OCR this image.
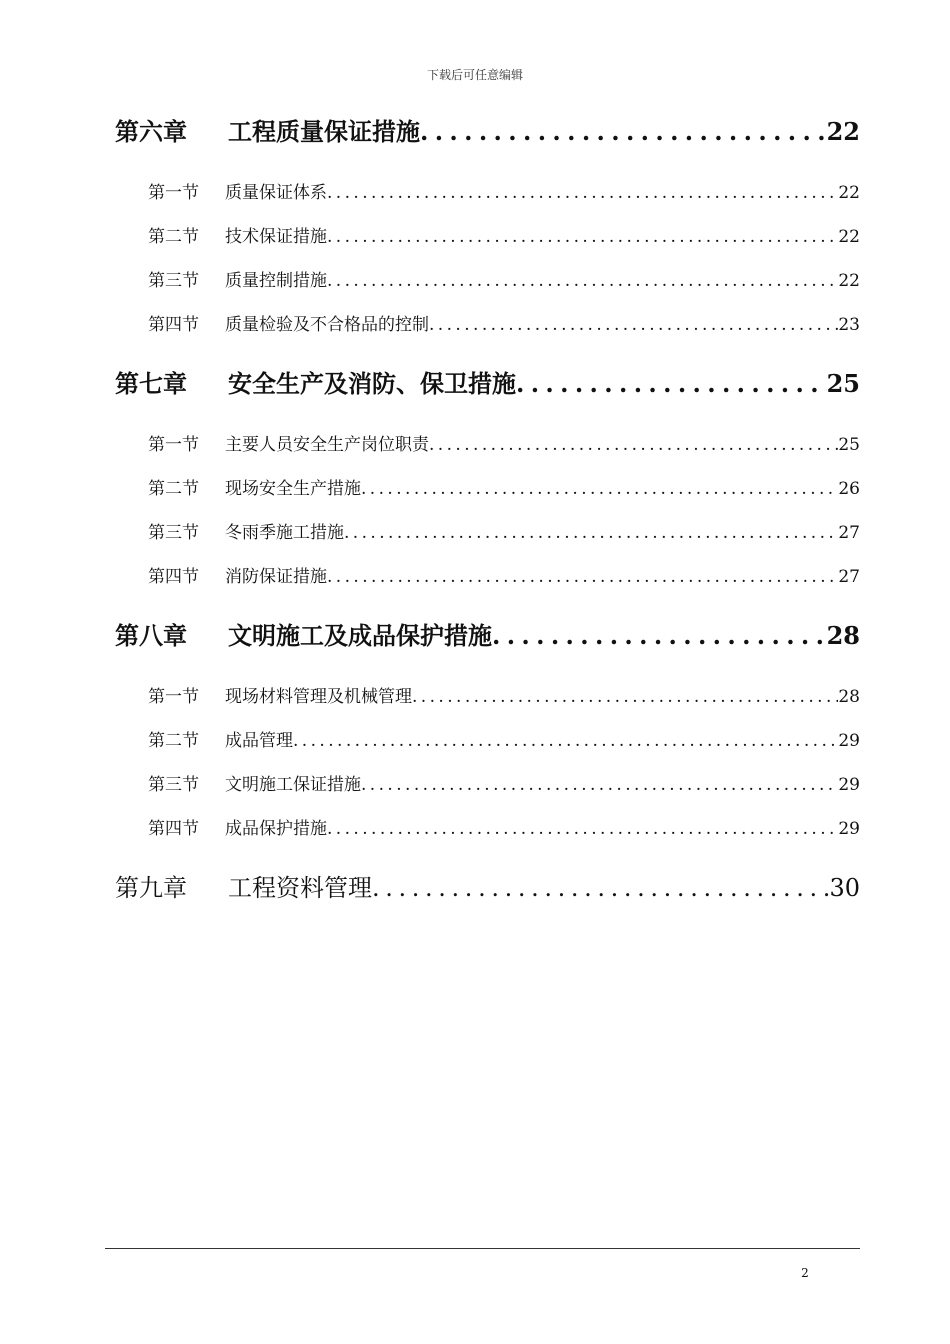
下载后可任意编辑
第六章	工程质量保证措施 . . .	22
第一节	质量保证体系 . . .	22
第二节	技术保证措施 . . .	22
第三节	质量控制措施 . . .	22
第四节	质量检验及不合格品的控制 . . .	23
第七章	安全生产及消防、保卫措施 . . .	25
第一节	主要人员安全生产岗位职责 . . .	25
第二节	现场安全生产措施 . . .	26
第三节	冬雨季施工措施 . . .	27
第四节	消防保证措施 . . .	27
第八章	文明施工及成品保护措施 . . .	28
第一节	现场材料管理及机械管理 . . .	28
第二节	成品管理 . . .	29
第三节	文明施工保证措施 . . .	29
第四节	成品保护措施 . . .	29
第九章	工程资料管理 . . .	30
2
